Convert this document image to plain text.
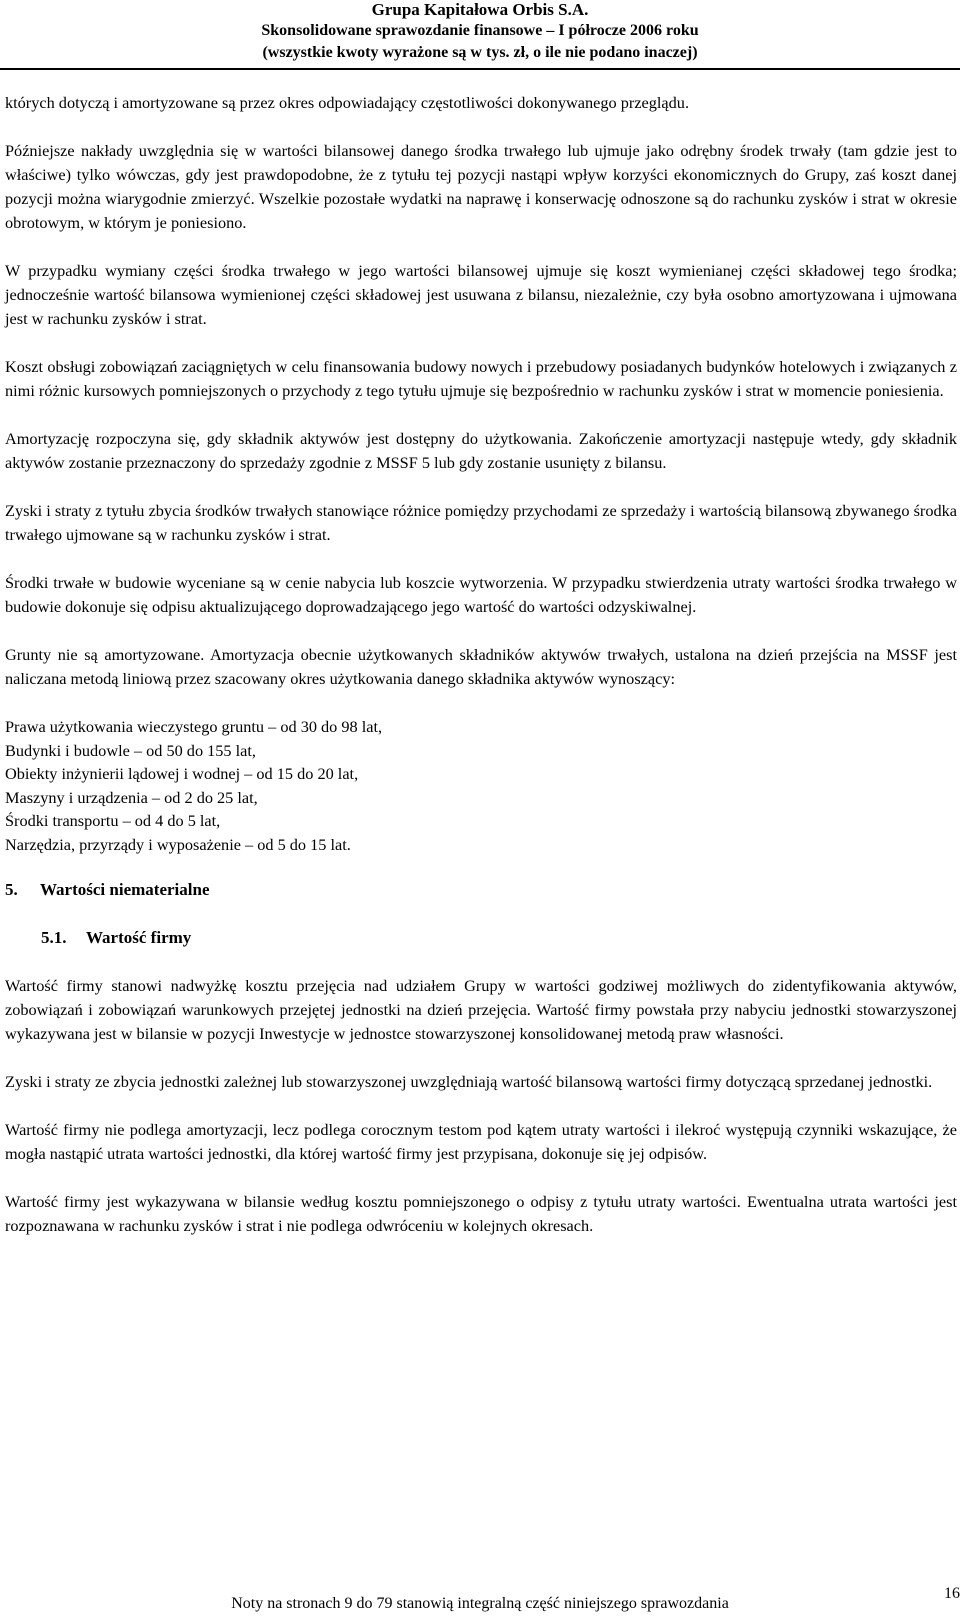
Grupa Kapitałowa Orbis S.A.
Skonsolidowane sprawozdanie finansowe – I półrocze 2006 roku
(wszystkie kwoty wyrażone są w tys. zł, o ile nie podano inaczej)

których dotyczą i amortyzowane są przez okres odpowiadający częstotliwości dokonywanego przeglądu.

Późniejsze nakłady uwzględnia się w wartości bilansowej danego środka trwałego lub ujmuje jako odrębny środek trwały (tam gdzie jest to właściwe) tylko wówczas, gdy jest prawdopodobne, że z tytułu tej pozycji nastąpi wpływ korzyści ekonomicznych do Grupy, zaś koszt danej pozycji można wiarygodnie zmierzyć. Wszelkie pozostałe wydatki na naprawę i konserwację odnoszone są do rachunku zysków i strat w okresie obrotowym, w którym je poniesiono.

W przypadku wymiany części środka trwałego w jego wartości bilansowej ujmuje się koszt wymienianej części składowej tego środka; jednocześnie wartość bilansowa wymienionej części składowej jest usuwana z bilansu, niezależnie, czy była osobno amortyzowana i ujmowana jest w rachunku zysków i strat.

Koszt obsługi zobowiązań zaciągniętych w celu finansowania budowy nowych i przebudowy posiadanych budynków hotelowych i związanych z nimi różnic kursowych pomniejszonych o przychody z tego tytułu ujmuje się bezpośrednio w rachunku zysków i strat w momencie poniesienia.

Amortyzację rozpoczyna się, gdy składnik aktywów jest dostępny do użytkowania. Zakończenie amortyzacji następuje wtedy, gdy składnik aktywów zostanie przeznaczony do sprzedaży zgodnie z MSSF 5 lub gdy zostanie usunięty z bilansu.

Zyski i straty z tytułu zbycia środków trwałych stanowiące różnice pomiędzy przychodami ze sprzedaży i wartością bilansową zbywanego środka trwałego ujmowane są w rachunku zysków i strat.

Środki trwałe w budowie wyceniane są w cenie nabycia lub koszcie wytworzenia. W przypadku stwierdzenia utraty wartości środka trwałego w budowie dokonuje się odpisu aktualizującego doprowadzającego jego wartość do wartości odzyskiwalnej.

Grunty nie są amortyzowane. Amortyzacja obecnie użytkowanych składników aktywów trwałych, ustalona na dzień przejścia na MSSF jest naliczana metodą liniową przez szacowany okres użytkowania danego składnika aktywów wynoszący:

Prawa użytkowania wieczystego gruntu – od 30 do 98 lat,
Budynki i budowle – od 50 do 155 lat,
Obiekty inżynierii lądowej i wodnej – od 15 do 20 lat,
Maszyny i urządzenia – od 2 do 25 lat,
Środki transportu – od 4 do 5 lat,
Narzędzia, przyrządy i wyposażenie – od 5 do 15 lat.
5. Wartości niematerialne
5.1. Wartość firmy

Wartość firmy stanowi nadwyżkę kosztu przejęcia nad udziałem Grupy w wartości godziwej możliwych do zidentyfikowania aktywów, zobowiązań i zobowiązań warunkowych przejętej jednostki na dzień przejęcia. Wartość firmy powstała przy nabyciu jednostki stowarzyszonej wykazywana jest w bilansie w pozycji Inwestycje w jednostce stowarzyszonej konsolidowanej metodą praw własności.

Zyski i straty ze zbycia jednostki zależnej lub stowarzyszonej uwzględniają wartość bilansową wartości firmy dotyczącą sprzedanej jednostki.

Wartość firmy nie podlega amortyzacji, lecz podlega corocznym testom pod kątem utraty wartości i ilekroć występują czynniki wskazujące, że mogła nastąpić utrata wartości jednostki, dla której wartość firmy jest przypisana, dokonuje się jej odpisów.

Wartość firmy jest wykazywana w bilansie według kosztu pomniejszonego o odpisy z tytułu utraty wartości. Ewentualna utrata wartości jest rozpoznawana w rachunku zysków i strat i nie podlega odwróceniu w kolejnych okresach.

Noty na stronach 9 do 79 stanowią integralną część niniejszego sprawozdania
16
